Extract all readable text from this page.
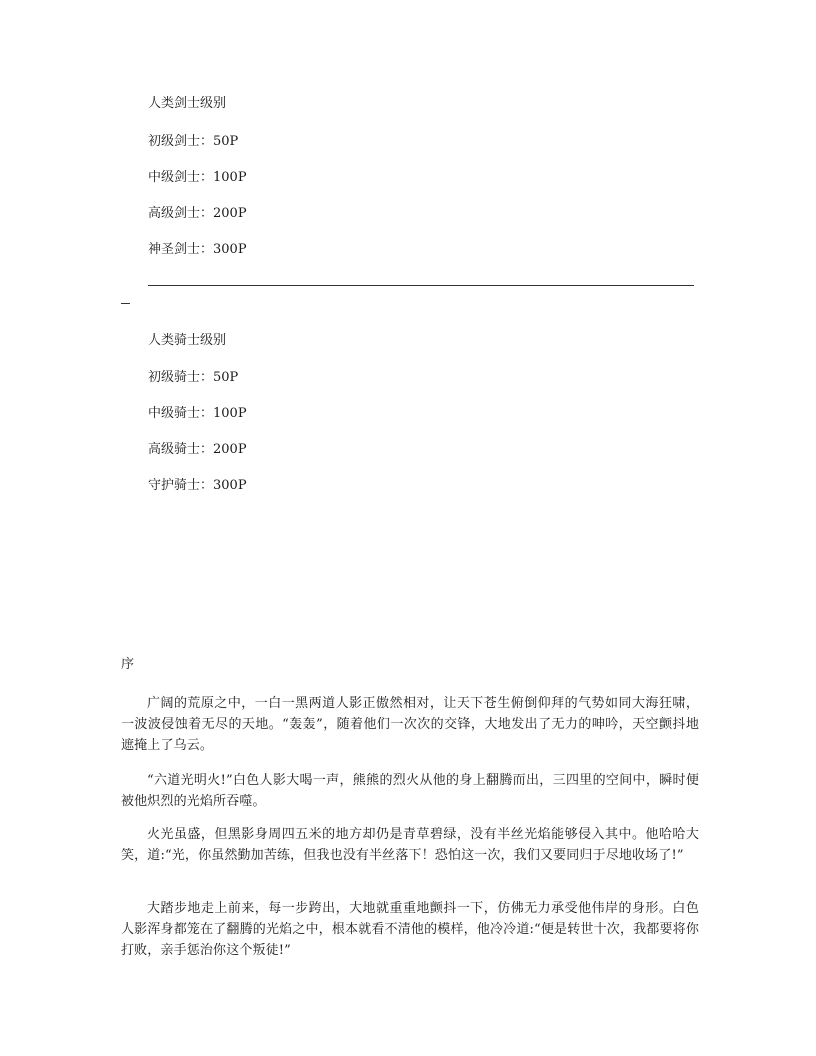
人类剑士级别
初级剑士：50P
中级剑士：100P
高级剑士：200P
神圣剑士：300P
人类骑士级别
初级骑士：50P
中级骑士：100P
高级骑士：200P
守护骑士：300P
序
广阔的荒原之中，一白一黑两道人影正傲然相对，让天下苍生俯倒仰拜的气势如同大海狂啸，一波波侵蚀着无尽的天地。“轰轰”，随着他们一次次的交锋，大地发出了无力的呻吟，天空颤抖地遮掩上了乌云。
“六道光明火!”白色人影大喝一声，熊熊的烈火从他的身上翻腾而出，三四里的空间中，瞬时便被他炽烈的光焰所吞噬。
火光虽盛，但黑影身周四五米的地方却仍是青草碧绿，没有半丝光焰能够侵入其中。他哈哈大笑，道:“光，你虽然勤加苦练，但我也没有半丝落下！恐怕这一次，我们又要同归于尽地收场了!”
大踏步地走上前来，每一步跨出，大地就重重地颤抖一下，仿佛无力承受他伟岸的身形。白色人影浑身都笼在了翻腾的光焰之中，根本就看不清他的模样，他冷冷道:“便是转世十次，我都要将你打败，亲手惩治你这个叛徒!”
